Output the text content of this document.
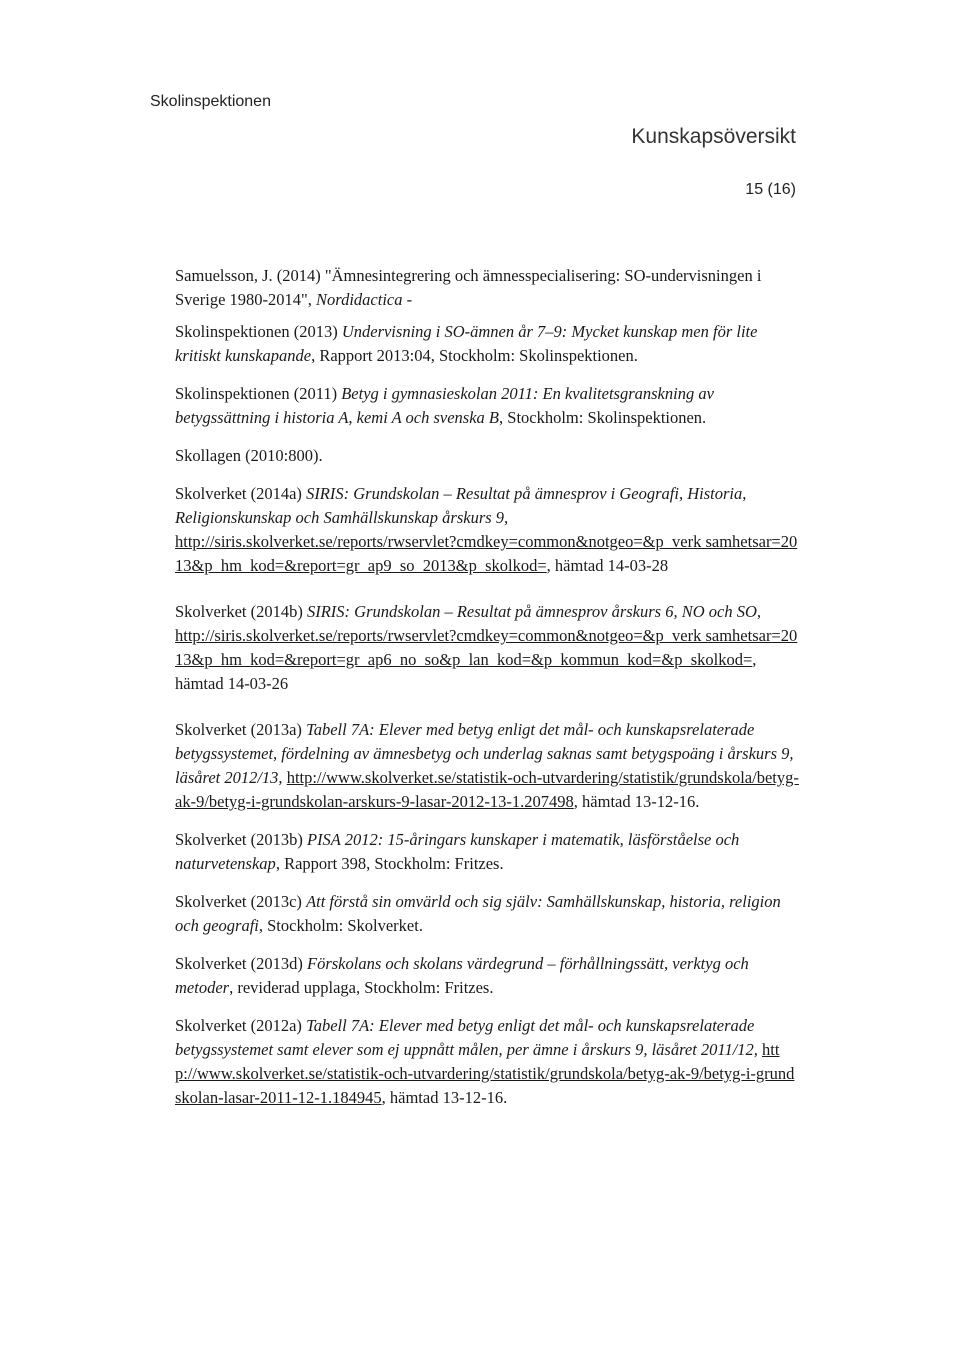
Skolinspektionen
Kunskapsöversikt
15 (16)

Samuelsson, J. (2014) "Ämnesintegrering och ämnesspecialisering: SO-undervisningen i Sverige 1980-2014", Nordidactica -

Skolinspektionen (2013) Undervisning i SO-ämnen år 7–9: Mycket kunskap men för lite kritiskt kunskapande, Rapport 2013:04, Stockholm: Skolinspektionen.

Skolinspektionen (2011) Betyg i gymnasieskolan 2011: En kvalitetsgranskning av betygssättning i historia A, kemi A och svenska B, Stockholm: Skolinspektionen.

Skollagen (2010:800).

Skolverket (2014a) SIRIS: Grundskolan – Resultat på ämnesprov i Geografi, Historia, Religionskunskap och Samhällskunskap årskurs 9,
http://siris.skolverket.se/reports/rwservlet?cmdkey=common&notgeo=&p_verk samhetsar=2013&p_hm_kod=&report=gr_ap9_so_2013&p_skolkod=, hämtad 14-03-28

Skolverket (2014b) SIRIS: Grundskolan – Resultat på ämnesprov årskurs 6, NO och SO,
http://siris.skolverket.se/reports/rwservlet?cmdkey=common&notgeo=&p_verk samhetsar=2013&p_hm_kod=&report=gr_ap6_no_so&p_lan_kod=&p_kommun_kod=&p_skolkod=, hämtad 14-03-26

Skolverket (2013a) Tabell 7A: Elever med betyg enligt det mål- och kunskapsrelaterade betygssystemet, fördelning av ämnesbetyg och underlag saknas samt betygspoäng i årskurs 9, läsåret 2012/13, http://www.skolverket.se/statistik-och-utvardering/statistik/grundskola/betyg-ak-9/betyg-i-grundskolan-arskurs-9-lasar-2012-13-1.207498, hämtad 13-12-16.

Skolverket (2013b) PISA 2012: 15-åringars kunskaper i matematik, läsförståelse och naturvetenskap, Rapport 398, Stockholm: Fritzes.

Skolverket (2013c) Att förstå sin omvärld och sig själv: Samhällskunskap, historia, religion och geografi, Stockholm: Skolverket.

Skolverket (2013d) Förskolans och skolans värdegrund – förhållningssätt, verktyg och metoder, reviderad upplaga, Stockholm: Fritzes.

Skolverket (2012a) Tabell 7A: Elever med betyg enligt det mål- och kunskapsrelaterade betygssystemet samt elever som ej uppnått målen, per ämne i årskurs 9, läsåret 2011/12, http://www.skolverket.se/statistik-och-utvardering/statistik/grundskola/betyg-ak-9/betyg-i-grundskolan-lasar-2011-12-1.184945, hämtad 13-12-16.
